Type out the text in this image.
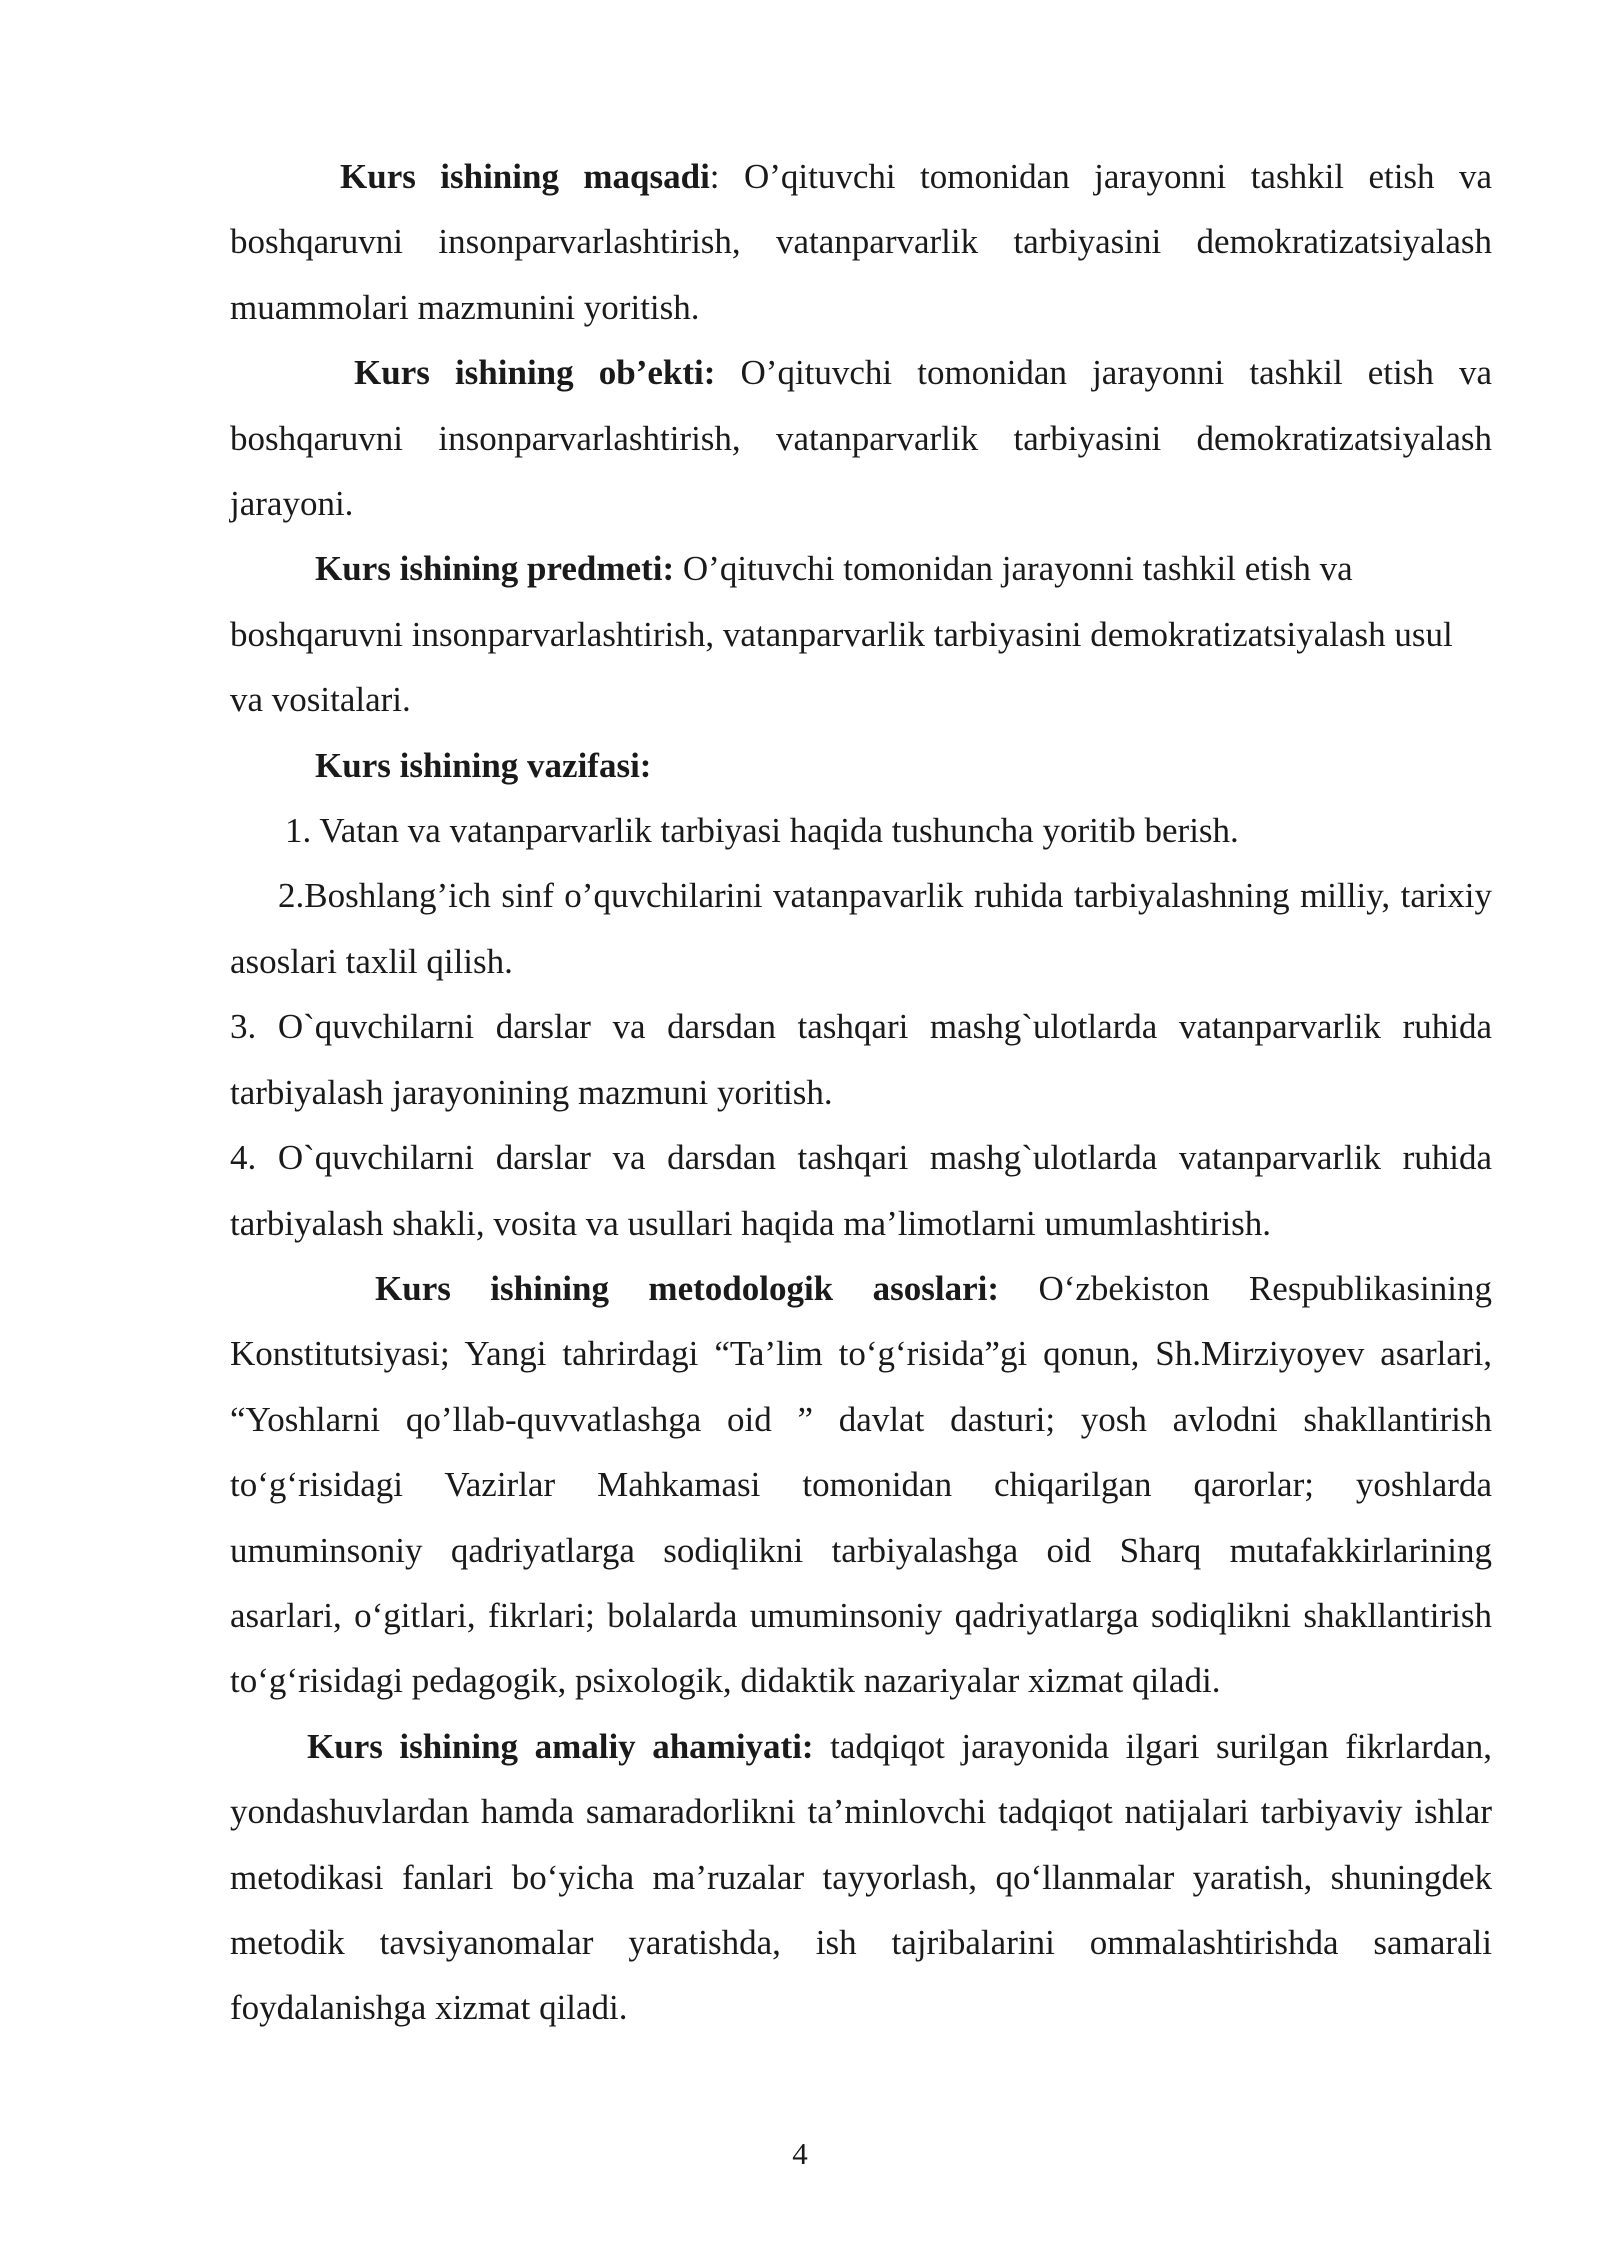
Kurs ishining maqsadi: O’qituvchi tomonidan jarayonni tashkil etish va boshqaruvni insonparvarlashtirish, vatanparvarlik tarbiyasini demokratizatsiyalash muammolari mazmunini yoritish.

Kurs ishining ob’ekti: O’qituvchi tomonidan jarayonni tashkil etish va boshqaruvni insonparvarlashtirish, vatanparvarlik tarbiyasini demokratizatsiyalash jarayoni.

Kurs ishining predmeti: O’qituvchi tomonidan jarayonni tashkil etish va boshqaruvni insonparvarlashtirish, vatanparvarlik tarbiyasini demokratizatsiyalash usul va vositalari.

Kurs ishining vazifasi:

1. Vatan va vatanparvarlik tarbiyasi haqida tushuncha yoritib berish.

2.Boshlang’ich sinf o’quvchilarini vatanpavarlik ruhida tarbiyalashning milliy, tarixiy asoslari taxlil qilish.

3. O`quvchilarni darslar va darsdan tashqari mashg`ulotlarda vatanparvarlik ruhida tarbiyalash jarayonining mazmuni yoritish.

4. O`quvchilarni darslar va darsdan tashqari mashg`ulotlarda vatanparvarlik ruhida tarbiyalash shakli, vosita va usullari haqida ma’limotlarni umumlashtirish.

Kurs ishining metodologik asoslari: O‘zbekiston Respublikasining Konstitutsiyasi; Yangi tahrirdagi “Ta’lim to‘g‘risida”gi qonun, Sh.Mirziyoyev asarlari, “Yoshlarni qo’llab-quvvatlashga oid ” davlat dasturi; yosh avlodni shakllantirish to‘g‘risidagi Vazirlar Mahkamasi tomonidan chiqarilgan qarorlar; yoshlarda umuminsoniy qadriyatlarga sodiqlikni tarbiyalashga oid Sharq mutafakkirlarining asarlari, o‘gitlari, fikrlari; bolalarda umuminsoniy qadriyatlarga sodiqlikni shakllantirish to‘g‘risidagi pedagogik, psixologik, didaktik nazariyalar xizmat qiladi.

Kurs ishining amaliy ahamiyati: tadqiqot jarayonida ilgari surilgan fikrlardan, yondashuvlardan hamda samaradorlikni ta’minlovchi tadqiqot natijalari tarbiyaviy ishlar metodikasi fanlari bo‘yicha ma’ruzalar tayyorlash, qo‘llanmalar yaratish, shuningdek metodik tavsiyanomalar yaratishda, ish tajribalarini ommalashtirishda samarali foydalanishga xizmat qiladi.

4
